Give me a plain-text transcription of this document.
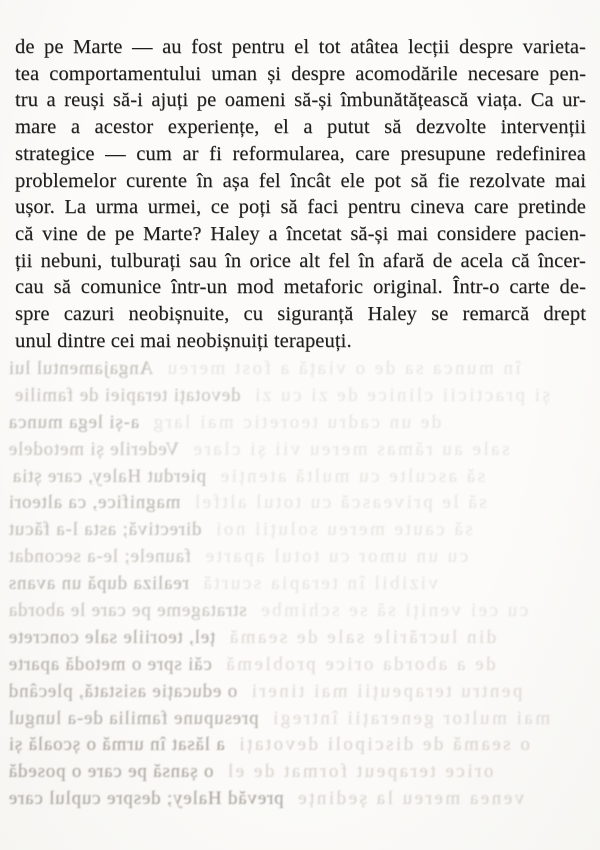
de pe Marte — au fost pentru el tot atâtea lecții despre varieta-
tea comportamentului uman și despre acomodările necesare pen-
tru a reuși să-i ajuți pe oameni să-și îmbunătățească viața. Ca ur-
mare a acestor experiențe, el a putut să dezvolte intervenții
strategice — cum ar fi reformularea, care presupune redefinirea
problemelor curente în așa fel încât ele pot să fie rezolvate mai
ușor. La urma urmei, ce poți să faci pentru cineva care pretinde
că vine de pe Marte? Haley a încetat să-și mai considere pacien-
ții nebuni, tulburați sau în orice alt fel în afară de acela că încer-
cau să comunice într-un mod metaforic original. Într-o carte de-
spre cazuri neobișnuite, cu siguranță Haley se remarcă drept
unul dintre cei mai neobișnuiți terapeuți.
în munca sa de o viață a fost mereu
Angajamentul lui
și practicii clinice de zi cu zi
devotați terapiei de familie
de un cadru teoretic mai larg
a-și lega munca
sale au rămas mereu vii și clare
Vederile și metodele
să asculte cu multă atenție
pierdut Haley, care știa
să le privească cu totul altfel
magnifice, ca alteori
să caute mereu soluții noi
directivă; asta l-a făcut
cu un umor cu totul aparte
faunele; le-a secondat
vizibil în terapia scurtă
realiza după un avans
cu cei veniți să se schimbe
stratageme pe care le aborda
din lucrările sale de seamă
țel, teoriile sale concrete
de a aborda orice problemă
căi spre o metodă aparte
pentru terapeuții mai tineri
o educație asistată, plecând
mai multor generații întregi
presupune familia de-a lungul
o seamă de discipoli devotați
a lăsat în urmă o școală și
orice terapeut format de el
o șansă pe care o posedă
venea mereu la ședințe
prevăd Haley; despre cuplul care
